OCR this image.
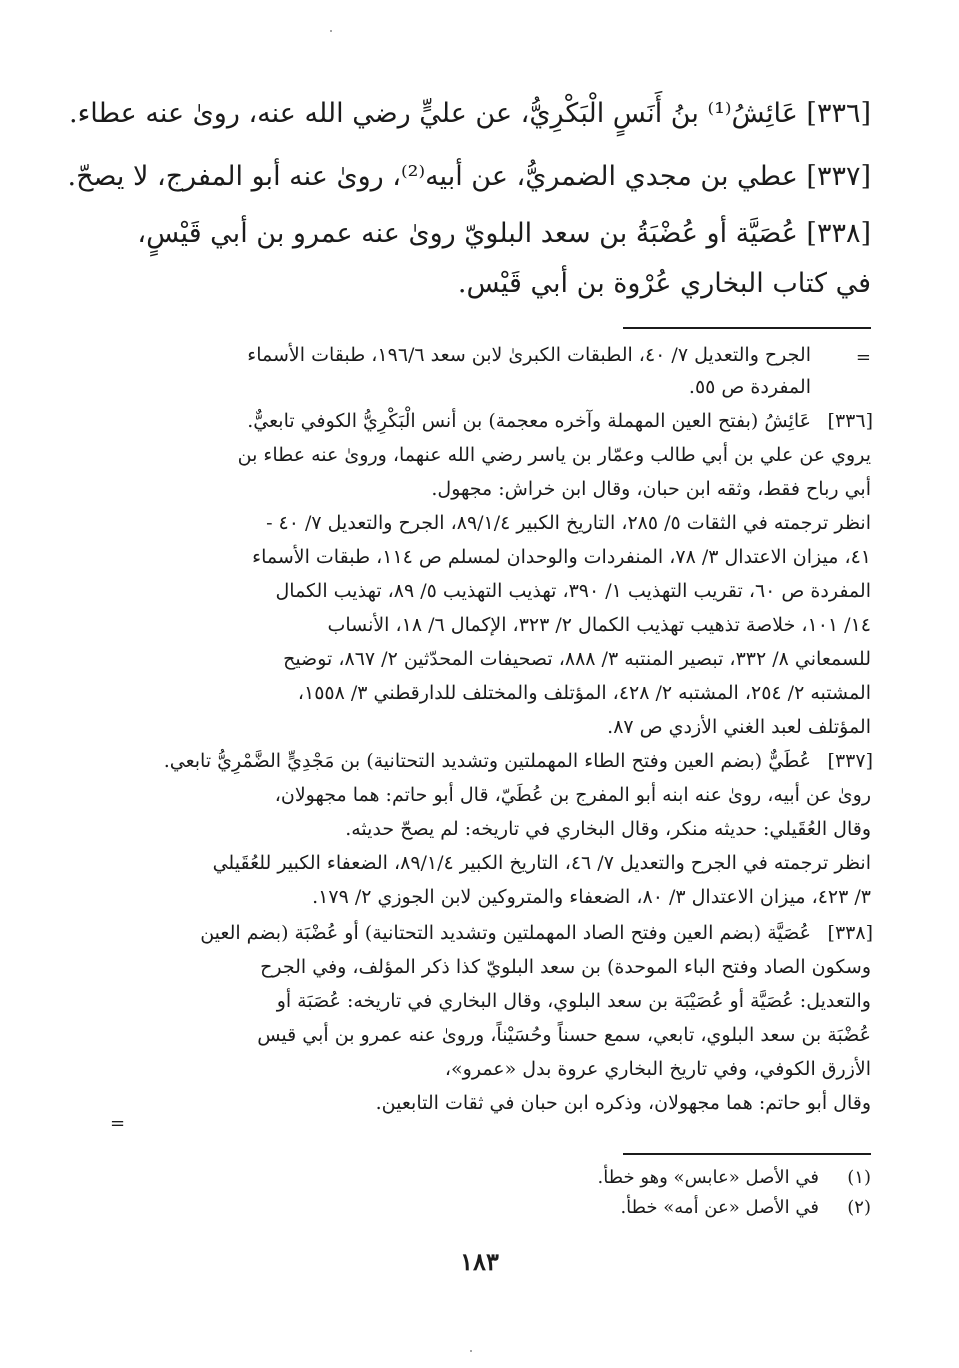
[٣٣٦] عَائِشُ⁽¹⁾ بنُ أَنَسٍ الْبَكْرِيُّ، عن عليٍّ رضي الله عنه، روىٰ عنه عطاء.
[٣٣٧] عطي بن مجدي الضمريُّ، عن أبيه⁽²⁾، روىٰ عنه أبو المفرج، لا يصحّ.
[٣٣٨] عُصَيَّة أو عُضْبَةُ بن سعد البلويّ روىٰ عنه عمرو بن أبي قَيْسٍ،
في كتاب البخاري عُرْوة بن أبي قَيْس.
=
الجرح والتعديل ٧/ ٤٠، الطبقات الكبرىٰ لابن سعد ١٩٦/٦، طبقات الأسماء
المفردة ص ٥٥.
[٣٣٦]
عَائِشُ (بفتح العين المهملة وآخره معجمة) بن أنس الْبَكْرِيُّ الكوفي تابعيٌّ.
يروي عن علي بن أبي طالب وعمّار بن ياسر رضي الله عنهما، وروىٰ عنه عطاء بن
أبي رباح فقط، وثقه ابن حبان، وقال ابن خراش: مجهول.
انظر ترجمته في الثقات ٥/ ٢٨٥، التاريخ الكبير ٨٩/١/٤، الجرح والتعديل ٧/ ٤٠ -
٤١، ميزان الاعتدال ٣/ ٧٨، المنفردات والوحدان لمسلم ص ١١٤، طبقات الأسماء
المفردة ص ٦٠، تقريب التهذيب ١/ ٣٩٠، تهذيب التهذيب ٥/ ٨٩، تهذيب الكمال
١٤/ ١٠١، خلاصة تذهيب تهذيب الكمال ٢/ ٣٢٣، الإكمال ٦/ ١٨، الأنساب
للسمعاني ٨/ ٣٣٢، تبصير المنتبه ٣/ ٨٨٨، تصحيفات المحدّثين ٢/ ٨٦٧، توضيح
المشتبه ٢/ ٢٥٤، المشتبه ٢/ ٤٢٨، المؤتلف والمختلف للدارقطني ٣/ ١٥٥٨،
المؤتلف لعبد الغني الأزدي ص ٨٧.
[٣٣٧]
عُطَيٌّ (بضم العين وفتح الطاء المهملتين وتشديد التحتانية) بن مَجْدِيٍّ الضَّمْرِيُّ تابعي.
روىٰ عن أبيه، روىٰ عنه ابنه أبو المفرج بن عُطَيّ، قال أبو حاتم: هما مجهولان،
وقال العُقَيلي: حديثه منكر، وقال البخاري في تاريخه: لم يصحّ حديثه.
انظر ترجمته في الجرح والتعديل ٧/ ٤٦، التاريخ الكبير ٨٩/١/٤، الضعفاء الكبير للعُقَيلي
٣/ ٤٢٣، ميزان الاعتدال ٣/ ٨٠، الضعفاء والمتروكين لابن الجوزي ٢/ ١٧٩.
[٣٣٨]
عُصَيَّة (بضم العين وفتح الصاد المهملتين وتشديد التحتانية) أو عُضْبَة (بضم العين
وسكون الصاد وفتح الباء الموحدة) بن سعد البلويّ كذا ذكر المؤلف، وفي الجرح
والتعديل: عُصَيَّة أو عُصَيْبَة بن سعد البلوي، وقال البخاري في تاريخه: عُصَبَة أو
عُضْبَة بن سعد البلوي، تابعي، سمع حسناً وحُسَيْناً، وروىٰ عنه عمرو بن أبي قيس
الأزرق الكوفي، وفي تاريخ البخاري عروة بدل «عمرو»،
وقال أبو حاتم: هما مجهولان، وذكره ابن حبان في ثقات التابعين.
=
(١)
في الأصل «عابس» وهو خطأ.
(٢)
في الأصل «عن أمه» خطأ.
١٨٣
